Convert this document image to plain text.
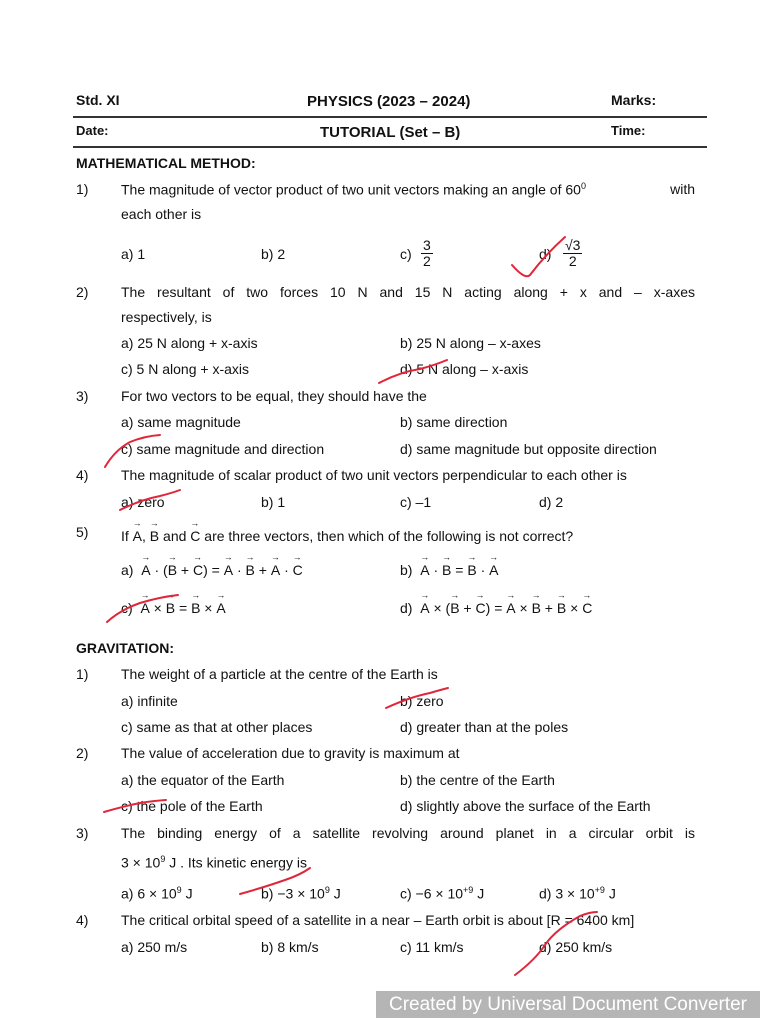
Std. XI	PHYSICS (2023 – 2024)	Marks:
Date:	TUTORIAL (Set – B)	Time:
MATHEMATICAL METHOD:
1) The magnitude of vector product of two unit vectors making an angle of $60^0$	with
each other is
a) 1	b) 2	$c) \frac{3}{2}$	$d) \frac{√3}{2}$
2) The resultant of two forces 10 N and 15 N acting along + x and – x-axes
respectively, is
a) 25 N along + x-axis	b) 25 N along – x-axes
c) 5 N along + x-axis	d) 5 N along – x-axis
3) For two vectors to be equal, they should have the
a) same magnitude	b) same direction
c) same magnitude and direction	d) same magnitude but opposite direction
4) The magnitude of scalar product of two unit vectors perpendicular to each other is
a) zero	b) 1	c) –1	d) 2
5) If → A, → B and → C are three vectors, then which of the following is not correct?
a) → A · (→ B + → C) = → A · → B + → A · → C	b) → A · → B = → B · → A
c) → A × → B = → B × → A	d) → A × (→ B + → C) = → A × → B + → B × → C
GRAVITATION:
1) The weight of a particle at the centre of the Earth is
a) infinite	b) zero
c) same as that at other places	d) greater than at the poles
2) The value of acceleration due to gravity is maximum at
a) the equator of the Earth	b) the centre of the Earth
c) the pole of the Earth	d) slightly above the surface of the Earth
3) The binding energy of a satellite revolving around planet in a circular orbit is
$3 \times 10^9$ J . Its kinetic energy is
a) $6 \times 10^9$ J	$b) -3 \times 10^9$ J	$c) -6 \times 10^{+9}$ J	d) $3 \times 10^{+9}$ J
4) The critical orbital speed of a satellite in a near – Earth orbit is about [R = 6400 km]
a) 250 m/s	b) 8 km/s	c) 11 km/s	d) 250 km/s
Created by Universal Document Converter
